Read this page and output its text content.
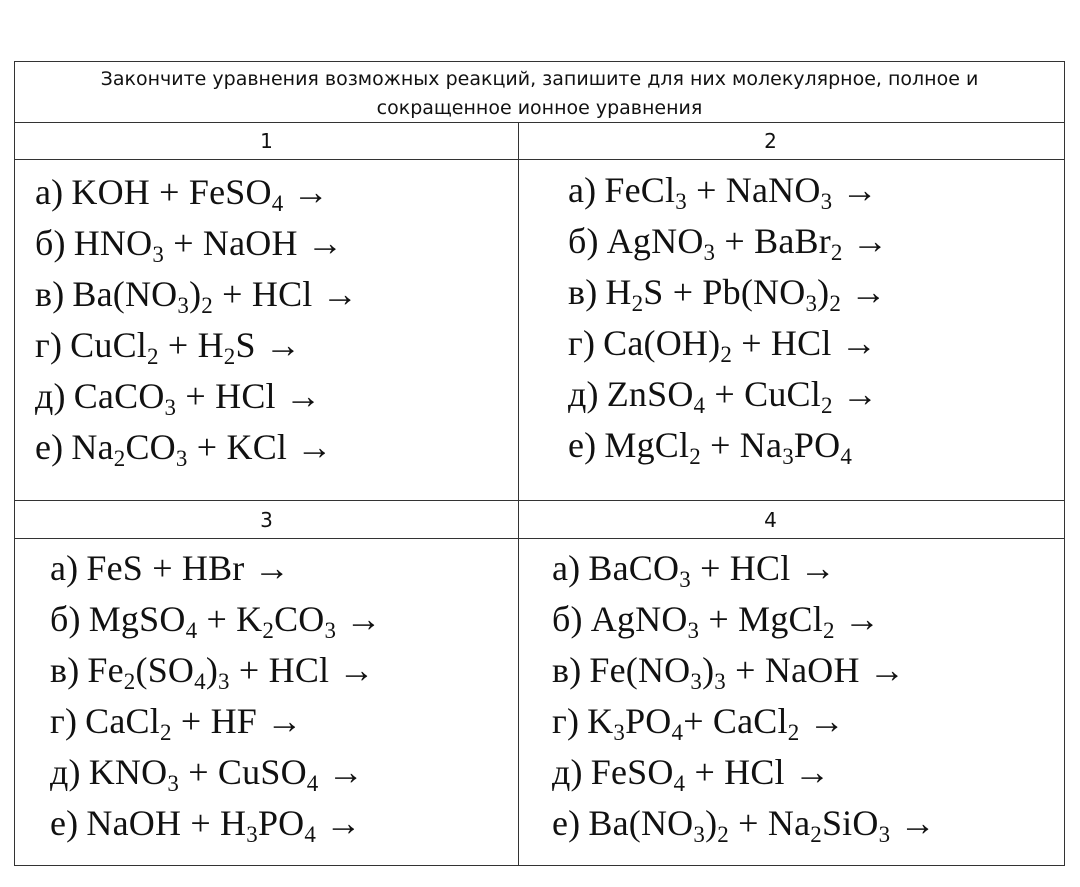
Закончите уравнения возможных реакций, запишите для них молекулярное, полное и
сокращенное ионное уравнения
1	2
3	4
а) KOH + FeSO$_4$ →
б) $HNO_3$ + NaOH →
в) $Ba(NO_3)_2$ + HCl →
г) CuCl$_2$ + $H_2S$ →
д) CaCO$_3$ + HCl →
е) $Na_2CO_3$ + KCl →
а) FeCl$_3$ + NaNO$_3$ →
б) AgNO$_3$ + BaBr$_2$ →
в) $H_2S + Pb(NO_3)_2$ →
г) $Ca(OH)_2$ + HCl →
д) ZnSO$_4$ + CuCl$_2$ →
е) MgCl$_2$ + $Na_3PO_4$
а) FeS + HBr →
б) MgSO$_4$ + $K_2CO_3$ →
в) $Fe_2(SO_4)_3$ + HCl →
г) CaCl$_2$ + HF →
д) $KNO_3$ + CuSO$_4$ →
е) NaOH + $H_3PO_4$ →
а) BaCO$_3$ + HCl →
б) AgNO$_3$ + MgCl$_2$ →
в) $Fe(NO_3)_3$ + NaOH →
г) $K_3PO_4+$ CaCl$_2$ →
д) FeSO$_4$ + HCl →
е) $Ba(NO_3)_2 + Na_2SiO_3$ →
